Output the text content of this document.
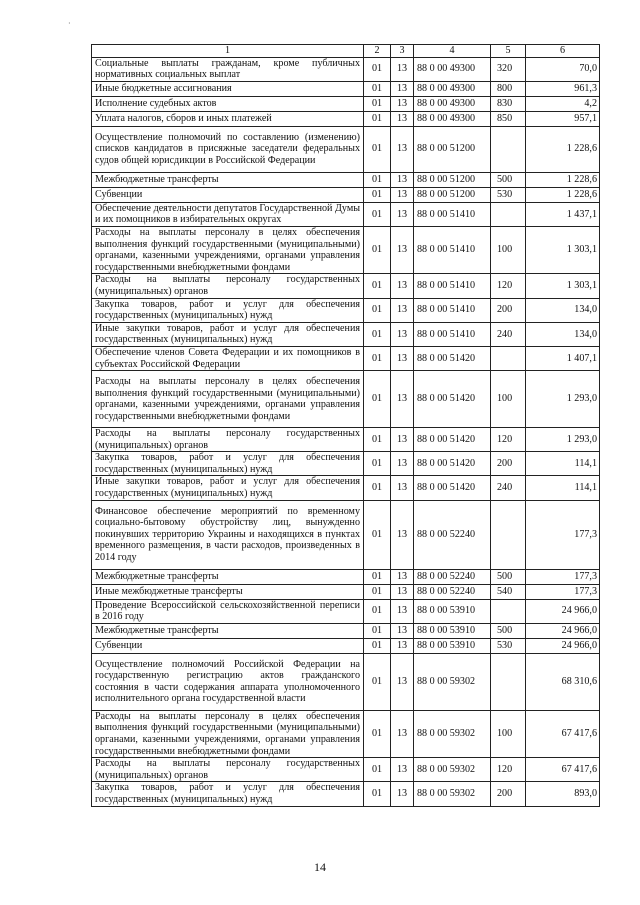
·
1	2	3	4	5	6
Социальные выплаты гражданам, кроме публичных нормативных социальных выплат	01	13	88 0 00 49300	320	70,0
Иные бюджетные ассигнования	01	13	88 0 00 49300	800	961,3
Исполнение судебных актов	01	13	88 0 00 49300	830	4,2
Уплата налогов, сборов и иных платежей	01	13	88 0 00 49300	850	957,1
Осуществление полномочий по составлению (изменению) списков кандидатов в присяжные заседатели федеральных судов общей юрисдикции в Российской Федерации	01	13	88 0 00 51200		1 228,6
Межбюджетные трансферты	01	13	88 0 00 51200	500	1 228,6
Субвенции	01	13	88 0 00 51200	530	1 228,6
Обеспечение деятельности депутатов Государственной Думы и их помощников в избирательных округах	01	13	88 0 00 51410		1 437,1
Расходы на выплаты персоналу в целях обеспечения выполнения функций государственными (муниципальными) органами, казенными учреждениями, органами управления государственными внебюджетными фондами	01	13	88 0 00 51410	100	1 303,1
Расходы на выплаты персоналу государственных (муниципальных) органов	01	13	88 0 00 51410	120	1 303,1
Закупка товаров, работ и услуг для обеспечения государственных (муниципальных) нужд	01	13	88 0 00 51410	200	134,0
Иные закупки товаров, работ и услуг для обеспечения государственных (муниципальных) нужд	01	13	88 0 00 51410	240	134,0
Обеспечение членов Совета Федерации и их помощников в субъектах Российской Федерации	01	13	88 0 00 51420		1 407,1
Расходы на выплаты персоналу в целях обеспечения выполнения функций государственными (муниципальными) органами, казенными учреждениями, органами управления государственными внебюджетными фондами	01	13	88 0 00 51420	100	1 293,0
Расходы на выплаты персоналу государственных (муниципальных) органов	01	13	88 0 00 51420	120	1 293,0
Закупка товаров, работ и услуг для обеспечения государственных (муниципальных) нужд	01	13	88 0 00 51420	200	114,1
Иные закупки товаров, работ и услуг для обеспечения государственных (муниципальных) нужд	01	13	88 0 00 51420	240	114,1
Финансовое обеспечение мероприятий по временному социально-бытовому обустройству лиц, вынужденно покинувших территорию Украины и находящихся в пунктах временного размещения, в части расходов, произведенных в 2014 году	01	13	88 0 00 52240		177,3
Межбюджетные трансферты	01	13	88 0 00 52240	500	177,3
Иные межбюджетные трансферты	01	13	88 0 00 52240	540	177,3
Проведение Всероссийской сельскохозяйственной переписи в 2016 году	01	13	88 0 00 53910		24 966,0
Межбюджетные трансферты	01	13	88 0 00 53910	500	24 966,0
Субвенции	01	13	88 0 00 53910	530	24 966,0
Осуществление полномочий Российской Федерации на государственную регистрацию актов гражданского состояния в части содержания аппарата уполномоченного исполнительного органа государственной власти	01	13	88 0 00 59302		68 310,6
Расходы на выплаты персоналу в целях обеспечения выполнения функций государственными (муниципальными) органами, казенными учреждениями, органами управления государственными внебюджетными фондами	01	13	88 0 00 59302	100	67 417,6
Расходы на выплаты персоналу государственных (муниципальных) органов	01	13	88 0 00 59302	120	67 417,6
Закупка товаров, работ и услуг для обеспечения государственных (муниципальных) нужд	01	13	88 0 00 59302	200	893,0
14
